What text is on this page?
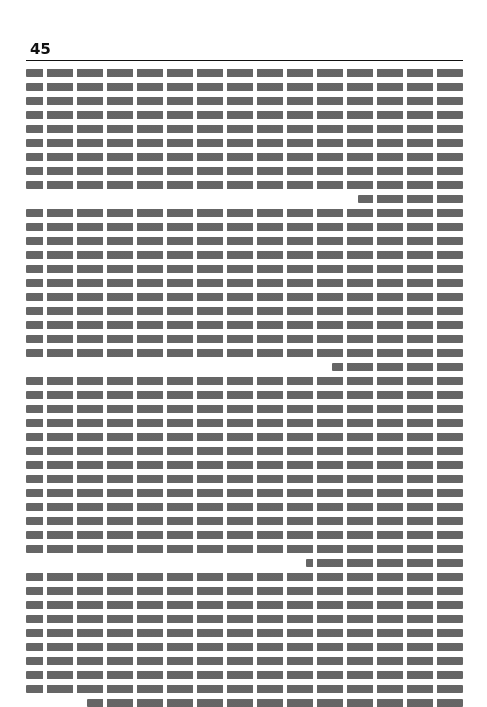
45
